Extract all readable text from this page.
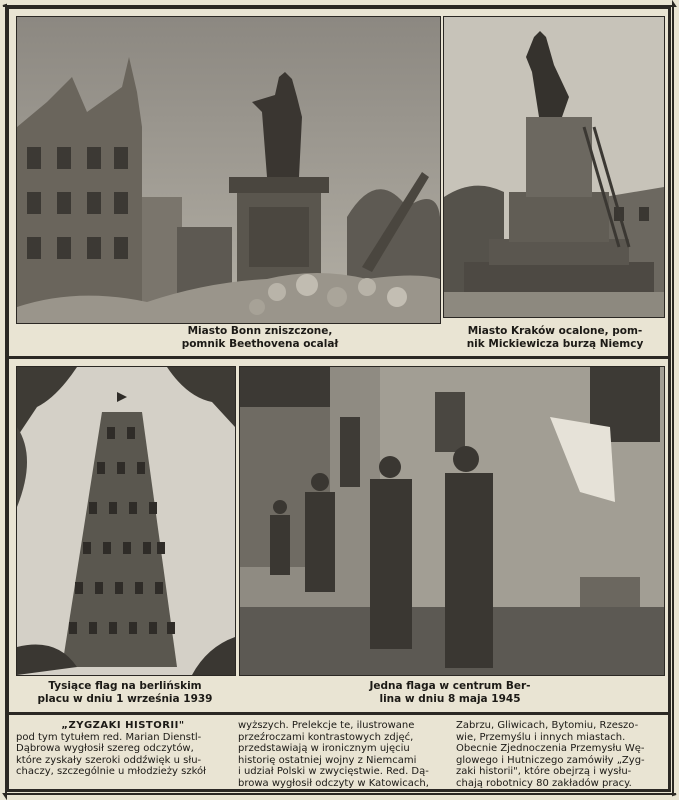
Miasto Bonn zniszczone,
pomnik Beethovena ocalał
Miasto Kraków ocalone, pom-
nik Mickiewicza burzą Niemcy
Tysiące flag na berlińskim
placu w dniu 1 września 1939
Jedna flaga w centrum Ber-
lina w dniu 8 maja 1945
„ZYGZAKI HISTORII"
pod tym tytułem red. Marian Dienstl-
Dąbrowa wygłosił szereg odczytów,
które zyskały szeroki oddźwięk u słu-
chaczy, szczególnie u młodzieży szkół
wyższych. Prelekcje te, ilustrowane
przeźroczami kontrastowych zdjęć,
przedstawiają w ironicznym ujęciu
historię ostatniej wojny z Niemcami
i udział Polski w zwycięstwie. Red. Dą-
browa wygłosił odczyty w Katowicach,
Zabrzu, Gliwicach, Bytomiu, Rzeszo-
wie, Przemyślu i innych miastach.
Obecnie Zjednoczenia Przemysłu Wę-
glowego i Hutniczego zamówiły „Zyg-
zaki historii", które obejrzą i wysłu-
chają robotnicy 80 zakładów pracy.
